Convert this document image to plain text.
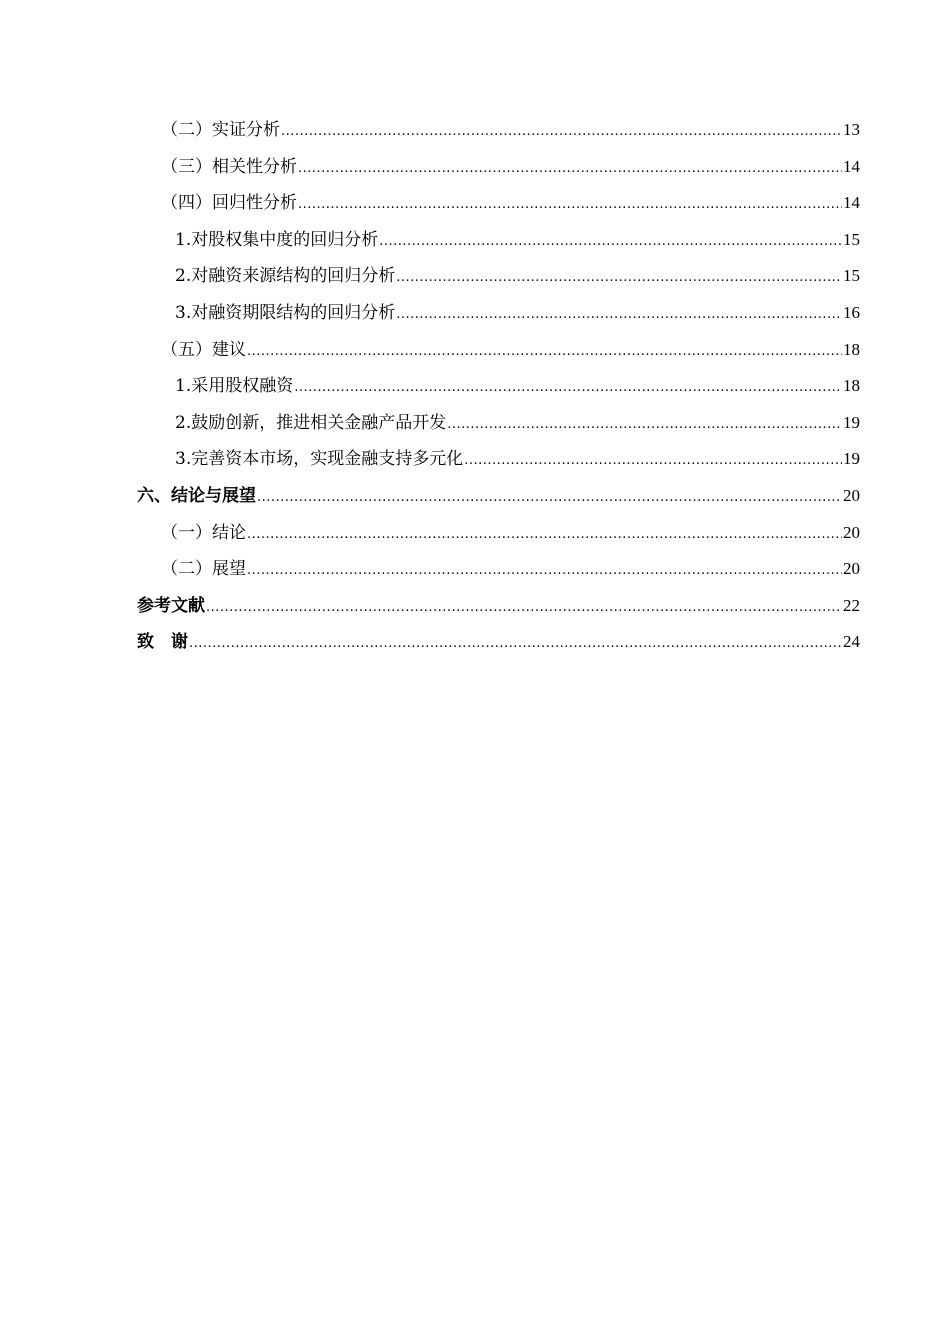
（二）实证分析 .....	13
（三）相关性分析 .....	14
（四）回归性分析 .....	14
1.对股权集中度的回归分析 .....	15
2.对融资来源结构的回归分析 .....	15
3.对融资期限结构的回归分析 .....	16
（五）建议 .....	18
1.采用股权融资 .....	18
2.鼓励创新，推进相关金融产品开发 .....	19
3.完善资本市场，实现金融支持多元化 .....	19
六、结论与展望 .....	20
（一）结论 .....	20
（二）展望 .....	20
参考文献 .....	22
致　谢 .....	24
